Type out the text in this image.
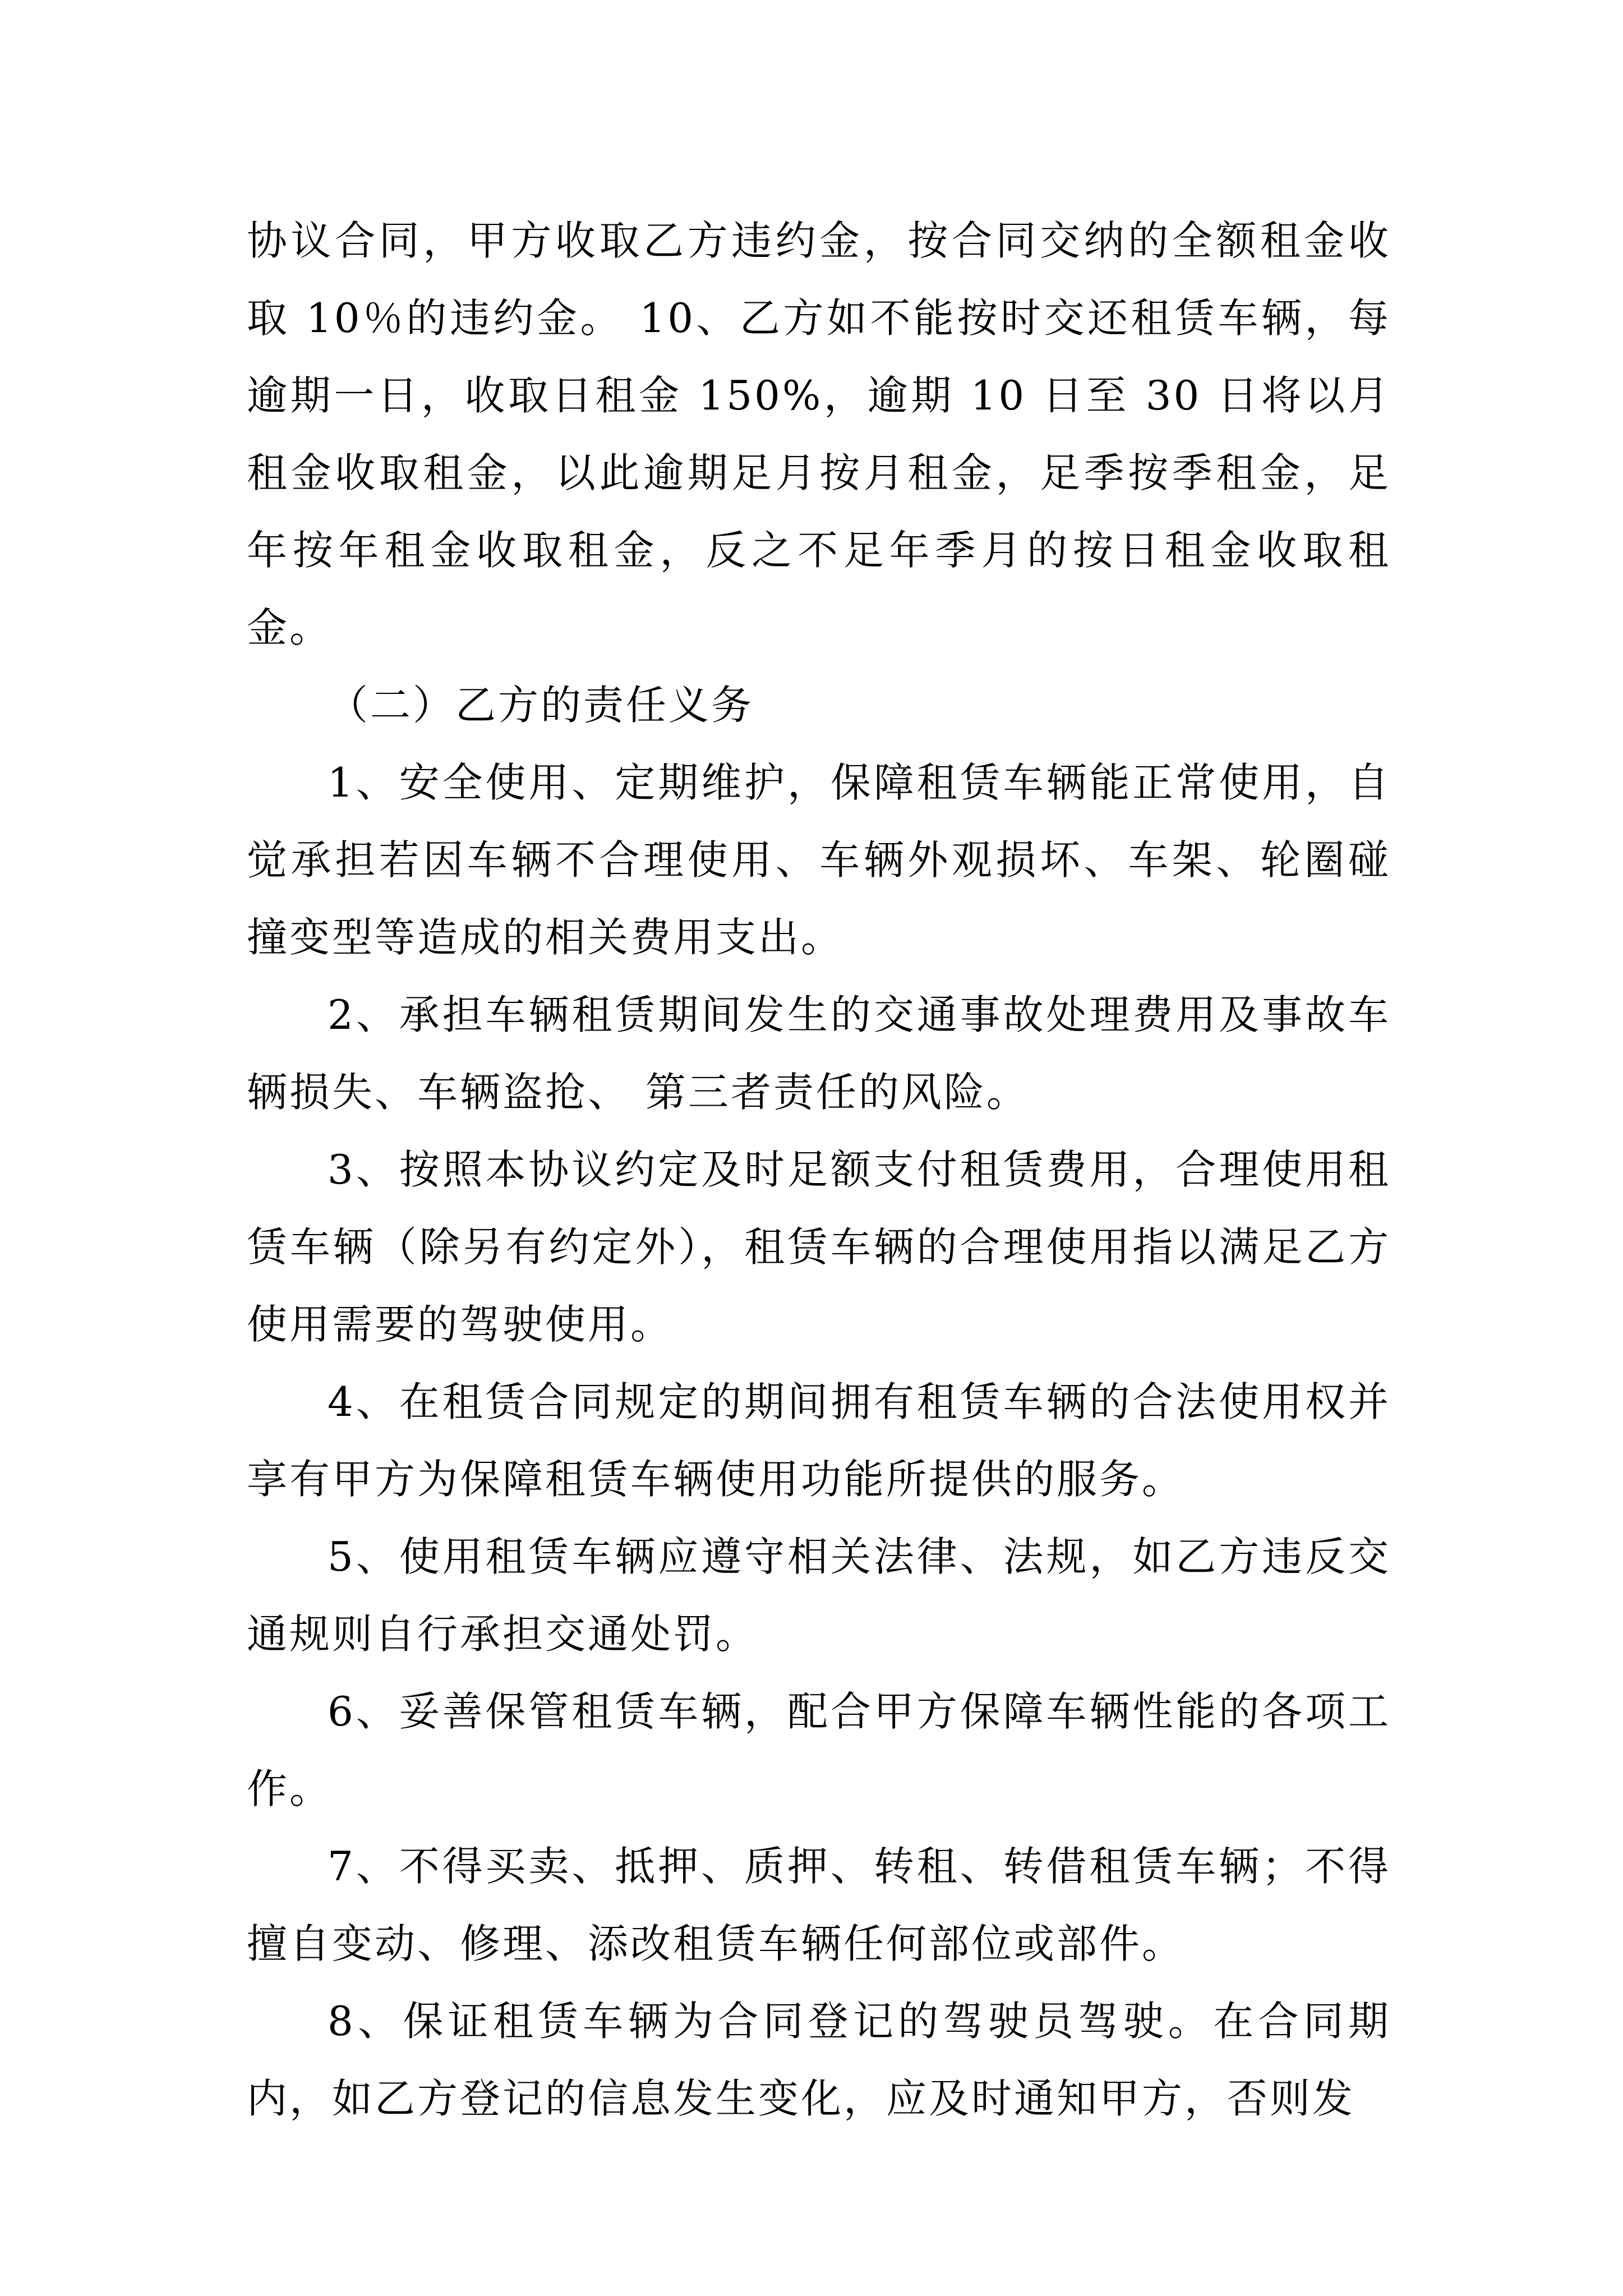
协议合同，甲方收取乙方违约金，按合同交纳的全额租金收取 10％的违约金。 10、乙方如不能按时交还租赁车辆，每逾期一日，收取日租金 150%，逾期 10 日至 30 日将以月租金收取租金，以此逾期足月按月租金，足季按季租金，足年按年租金收取租金，反之不足年季月的按日租金收取租金。

（二）乙方的责任义务

1、安全使用、定期维护，保障租赁车辆能正常使用，自觉承担若因车辆不合理使用、车辆外观损坏、车架、轮圈碰撞变型等造成的相关费用支出。

2、承担车辆租赁期间发生的交通事故处理费用及事故车辆损失、车辆盗抢、 第三者责任的风险。

3、按照本协议约定及时足额支付租赁费用，合理使用租赁车辆（除另有约定外），租赁车辆的合理使用指以满足乙方使用需要的驾驶使用。

4、在租赁合同规定的期间拥有租赁车辆的合法使用权并享有甲方为保障租赁车辆使用功能所提供的服务。

5、使用租赁车辆应遵守相关法律、法规，如乙方违反交通规则自行承担交通处罚。

6、妥善保管租赁车辆，配合甲方保障车辆性能的各项工作。

7、不得买卖、抵押、质押、转租、转借租赁车辆；不得擅自变动、修理、添改租赁车辆任何部位或部件。

8、保证租赁车辆为合同登记的驾驶员驾驶。在合同期内，如乙方登记的信息发生变化，应及时通知甲方，否则发
